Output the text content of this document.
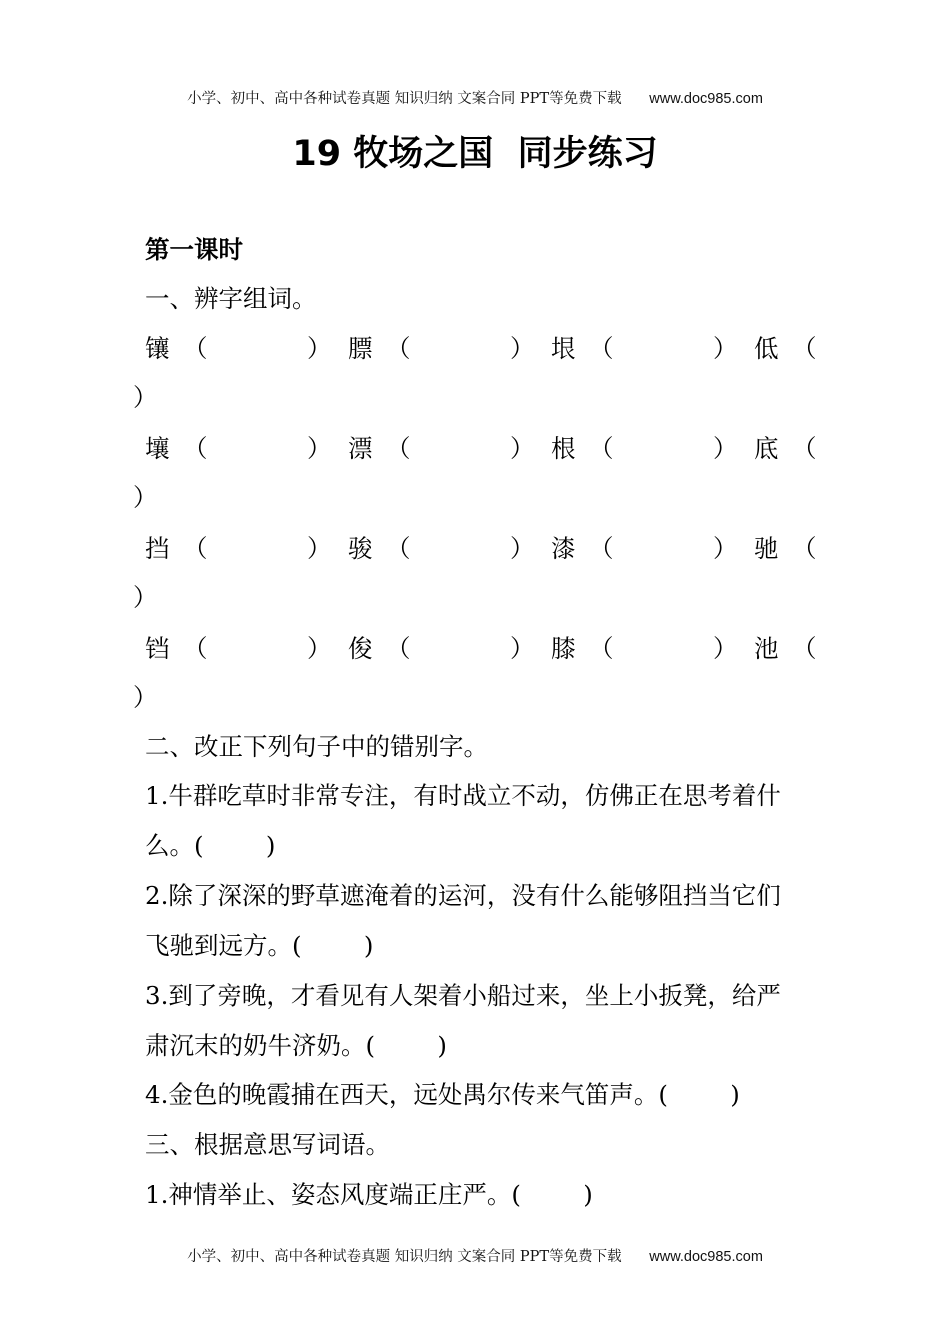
小学、初中、高中各种试卷真题 知识归纳 文案合同 PPT等免费下载 www.doc985.com
19 牧场之国  同步练习
第一课时
一、辨字组词。
镶 （	） 膘 （	） 垠 （	） 低 （
）
壤 （	） 漂 （	） 根 （	） 底 （
）
挡 （	） 骏 （	） 漆 （	） 驰 （
）
铛 （	） 俊 （	） 膝 （	） 池 （
）
二、改正下列句子中的错别字。
1.牛群吃草时非常专注，有时战立不动，仿佛正在思考着什
么。(        )
2.除了深深的野草遮淹着的运河，没有什么能够阻挡当它们
飞驰到远方。(        )
3.到了旁晚，才看见有人架着小船过来，坐上小扳凳，给严
肃沉末的奶牛济奶。(        )
4.金色的晚霞捕在西天，远处禺尔传来气笛声。(        )
三、根据意思写词语。
1.神情举止、姿态风度端正庄严。(        )
小学、初中、高中各种试卷真题 知识归纳 文案合同 PPT等免费下载 www.doc985.com
